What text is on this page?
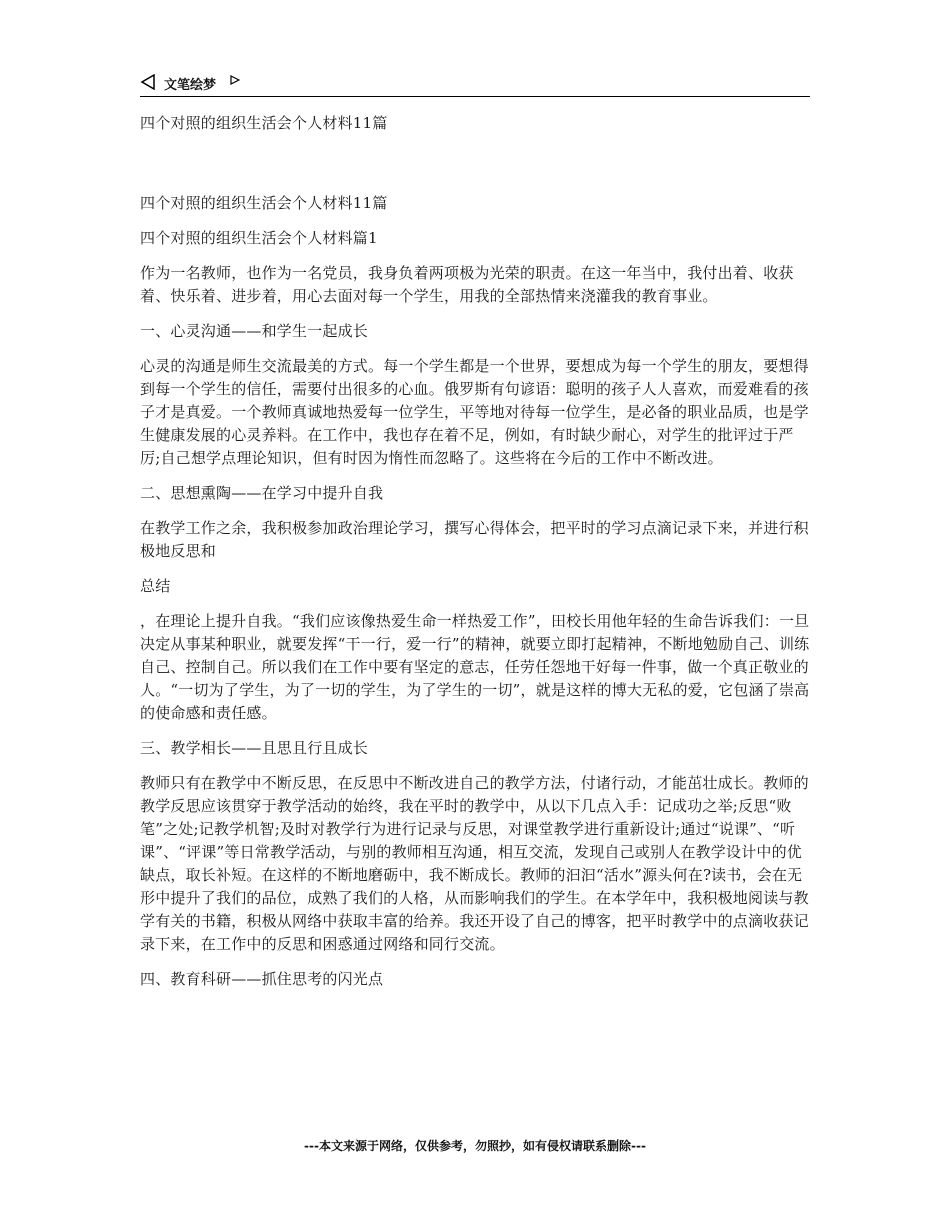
文笔绘梦

四个对照的组织生活会个人材料11篇

四个对照的组织生活会个人材料11篇

四个对照的组织生活会个人材料篇1

作为一名教师，也作为一名党员，我身负着两项极为光荣的职责。在这一年当中，我付出着、收获着、快乐着、进步着，用心去面对每一个学生，用我的全部热情来浇灌我的教育事业。

一、心灵沟通——和学生一起成长

心灵的沟通是师生交流最美的方式。每一个学生都是一个世界，要想成为每一个学生的朋友，要想得到每一个学生的信任，需要付出很多的心血。俄罗斯有句谚语：聪明的孩子人人喜欢，而爱难看的孩子才是真爱。一个教师真诚地热爱每一位学生，平等地对待每一位学生，是必备的职业品质，也是学生健康发展的心灵养料。在工作中，我也存在着不足，例如，有时缺少耐心，对学生的批评过于严厉;自己想学点理论知识，但有时因为惰性而忽略了。这些将在今后的工作中不断改进。

二、思想熏陶——在学习中提升自我

在教学工作之余，我积极参加政治理论学习，撰写心得体会，把平时的学习点滴记录下来，并进行积极地反思和

总结

，在理论上提升自我。“我们应该像热爱生命一样热爱工作”，田校长用他年轻的生命告诉我们：一旦决定从事某种职业，就要发挥“干一行，爱一行”的精神，就要立即打起精神，不断地勉励自己、训练自己、控制自己。所以我们在工作中要有坚定的意志，任劳任怨地干好每一件事，做一个真正敬业的人。“一切为了学生，为了一切的学生，为了学生的一切”，就是这样的博大无私的爱，它包涵了崇高的使命感和责任感。

三、教学相长——且思且行且成长

教师只有在教学中不断反思，在反思中不断改进自己的教学方法，付诸行动，才能茁壮成长。教师的教学反思应该贯穿于教学活动的始终，我在平时的教学中，从以下几点入手：记成功之举;反思“败笔”之处;记教学机智;及时对教学行为进行记录与反思，对课堂教学进行重新设计;通过“说课”、“听课”、“评课”等日常教学活动，与别的教师相互沟通，相互交流，发现自己或别人在教学设计中的优缺点，取长补短。在这样的不断地磨砺中，我不断成长。教师的汩汩“活水”源头何在?读书，会在无形中提升了我们的品位，成熟了我们的人格，从而影响我们的学生。在本学年中，我积极地阅读与教学有关的书籍，积极从网络中获取丰富的给养。我还开设了自己的博客，把平时教学中的点滴收获记录下来，在工作中的反思和困惑通过网络和同行交流。

四、教育科研——抓住思考的闪光点

---本文来源于网络，仅供参考，勿照抄，如有侵权请联系删除---
